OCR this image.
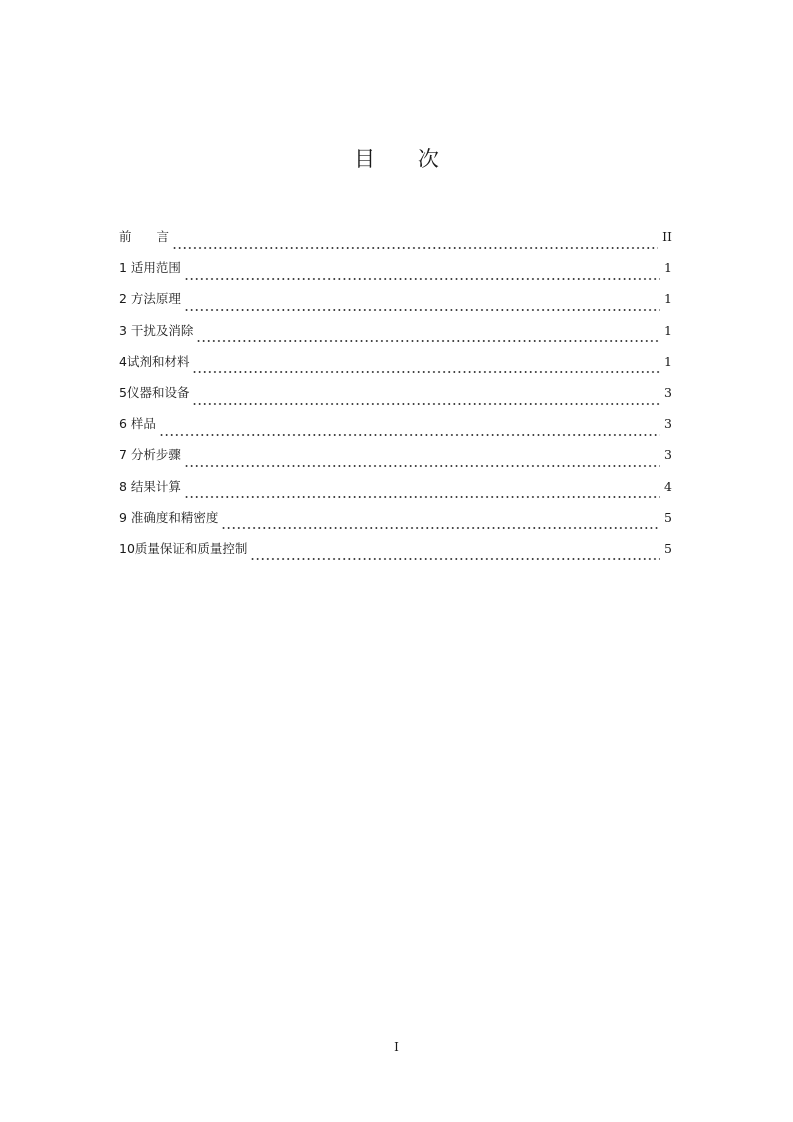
目 次
前　　言	II
1 适用范围	1
2 方法原理	1
3 干扰及消除	1
4试剂和材料	1
5仪器和设备	3
6 样品	3
7 分析步骤	3
8 结果计算	4
9 准确度和精密度	5
10质量保证和质量控制	5
I
